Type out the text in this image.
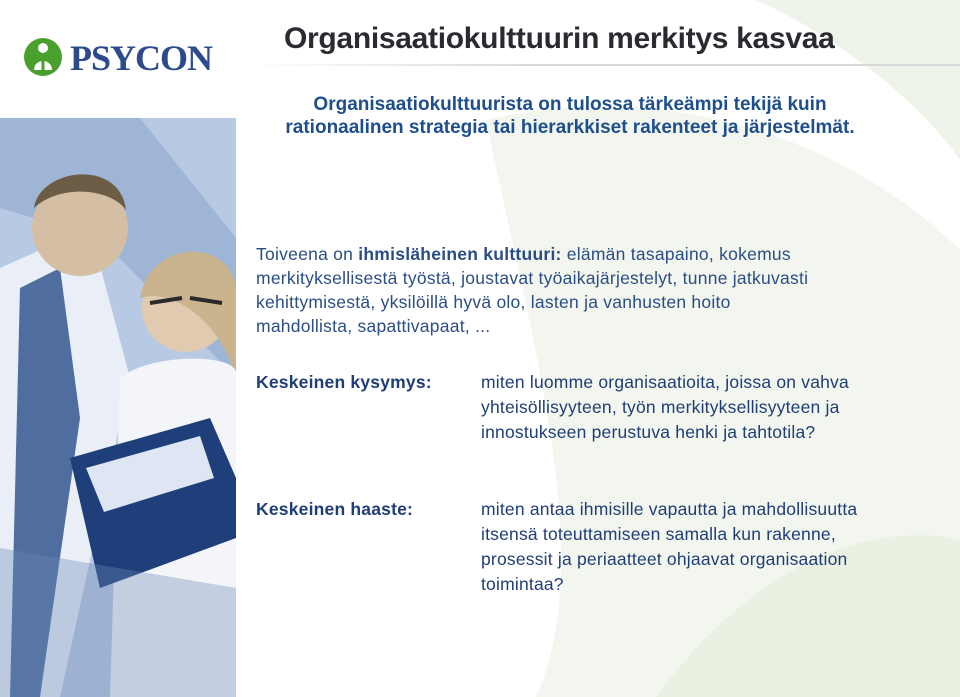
PSYCON Organisaatiokulttuurin merkitys kasvaa

Organisaatiokulttuurista on tulossa tärkeämpi tekijä kuin

rationaalinen strategia tai hierarkkiset rakenteet ja järjestelmät.

Toiveena on ihmisläheinen kulttuuri: elämän tasapaino, kokemus

merkityksellisestä työstä, joustavat työaikajärjestelyt, tunne jatkuvasti

kehittymisestä, yksilöillä hyvä olo, lasten ja vanhusten hoito

mahdollista, sapattivapaat, ...

Keskeinen kysymys:	miten luomme organisaatioita, joissa on vahva

yhteisöllisyyteen, työn merkityksellisyyteen ja

innostukseen perustuva henki ja tahtotila?

Keskeinen haaste:	miten antaa ihmisille vapautta ja mahdollisuutta

itsensä toteuttamiseen samalla kun rakenne,

prosessit ja periaatteet ohjaavat organisaation

toimintaa?
